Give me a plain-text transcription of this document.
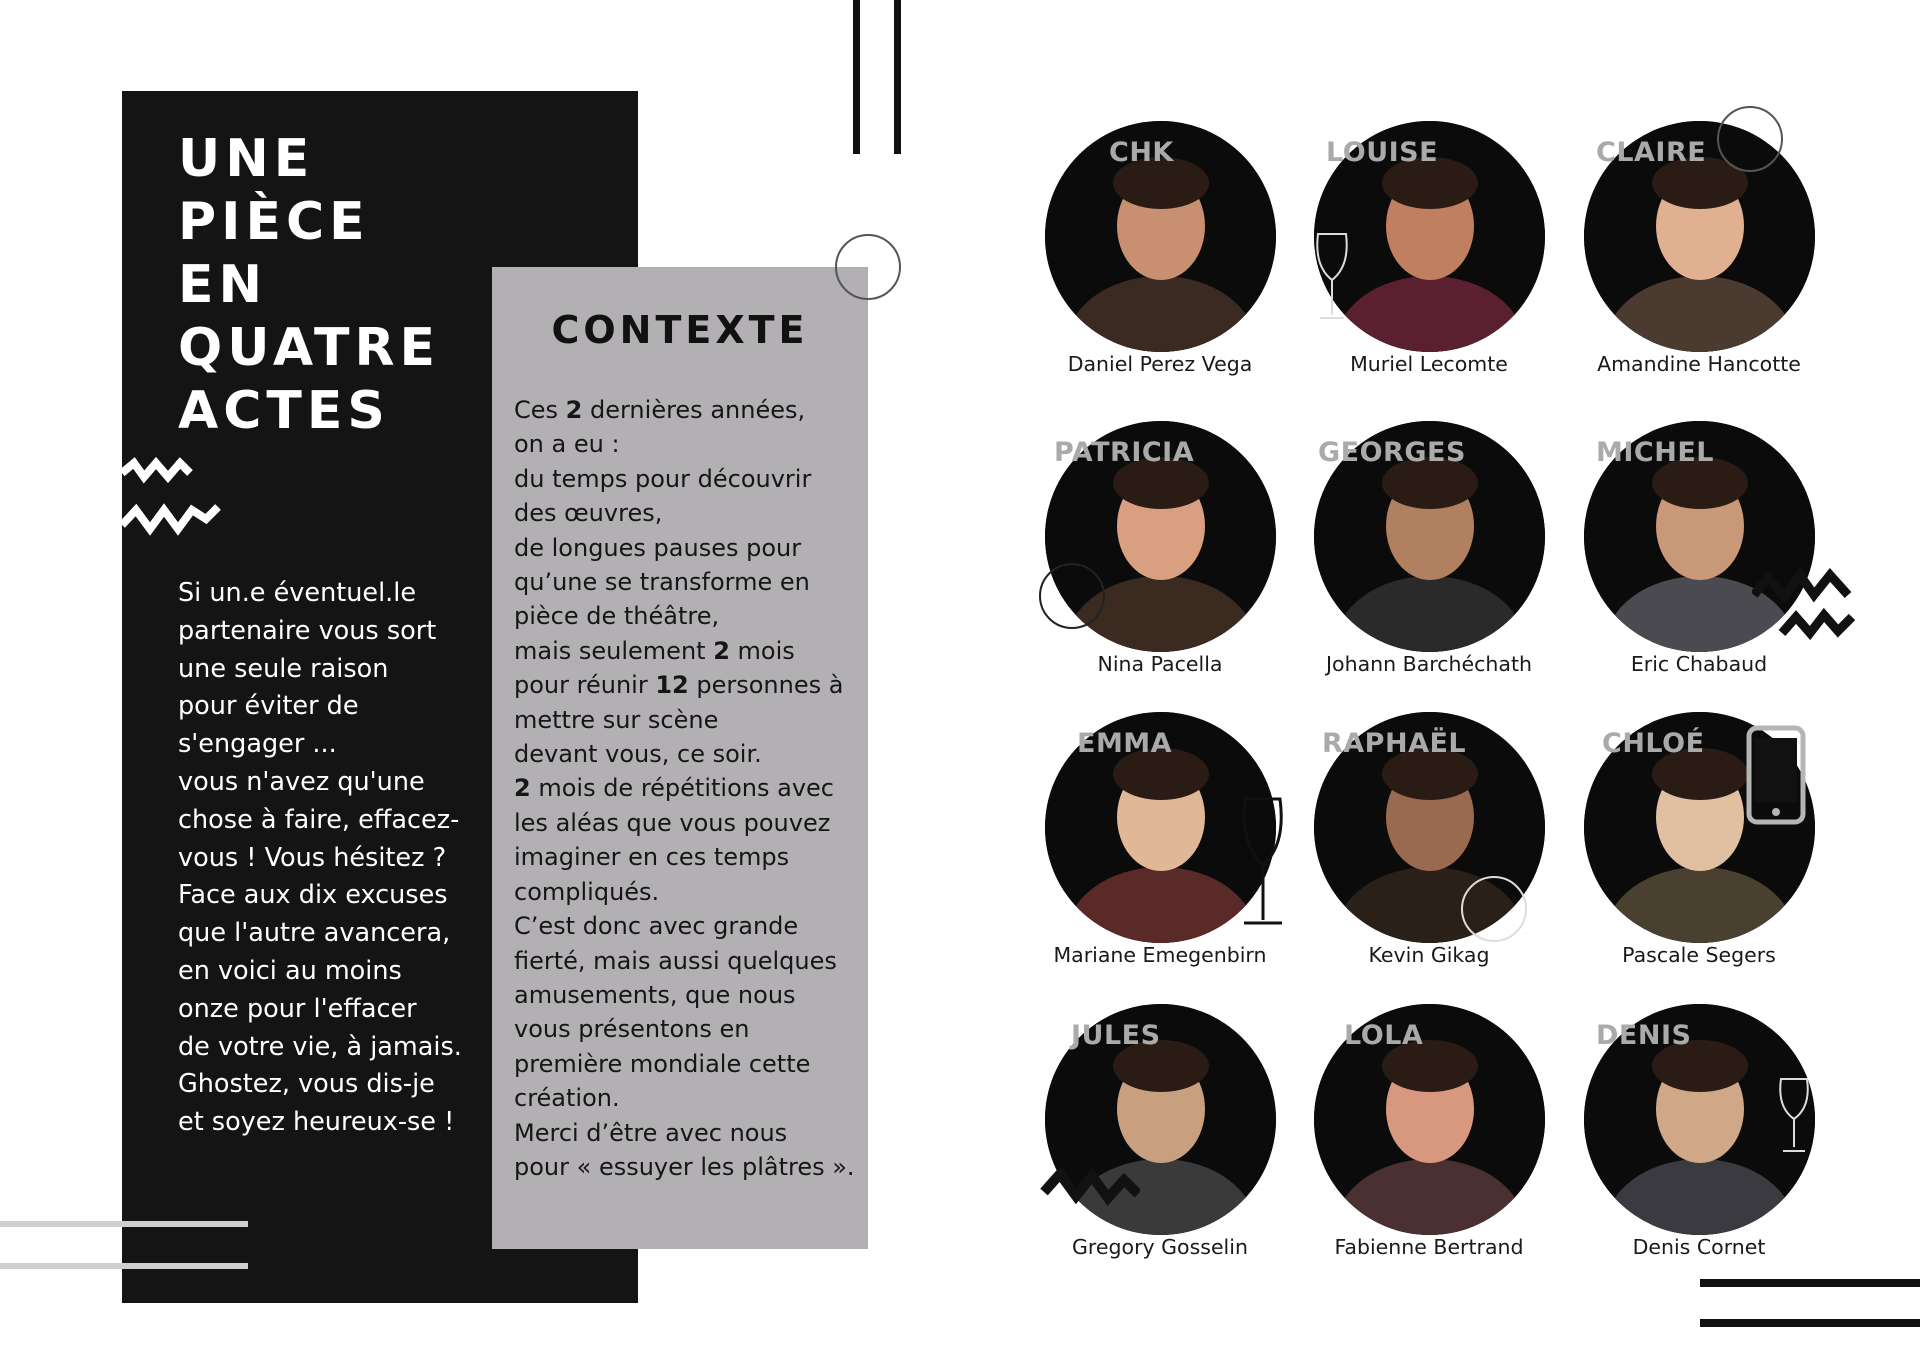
UNE
PIÈCE
EN
QUATRE
ACTES
Si un.e éventuel.le
partenaire vous sort
une seule raison
pour éviter de
s'engager ...
vous n'avez qu'une
chose à faire, effacez-
vous ! Vous hésitez ?
Face aux dix excuses
que l'autre avancera,
en voici au moins
onze pour l'effacer
de votre vie, à jamais.
Ghostez, vous dis-je
et soyez heureux-se !
CONTEXTE
Ces 2 dernières années,
on a eu :
du temps pour découvrir
des œuvres,
de longues pauses pour
qu’une se transforme en
pièce de théâtre,
mais seulement 2 mois
pour réunir 12 personnes à
mettre sur scène
devant vous, ce soir.
2 mois de répétitions avec
les aléas que vous pouvez
imaginer en ces temps
compliqués.
C’est donc avec grande
fierté, mais aussi quelques
amusements, que nous
vous présentons en
première mondiale cette
création.
Merci d’être avec nous
pour « essuyer les plâtres ».
CHK
Daniel Perez Vega
LOUISE
Muriel Lecomte
CLAIRE
Amandine Hancotte
PATRICIA
Nina Pacella
GEORGES
Johann Barchéchath
MICHEL
Eric Chabaud
EMMA
Mariane Emegenbirn
RAPHAËL
Kevin Gikag
CHLOÉ
Pascale Segers
JULES
Gregory Gosselin
LOLA
Fabienne Bertrand
DENIS
Denis Cornet
